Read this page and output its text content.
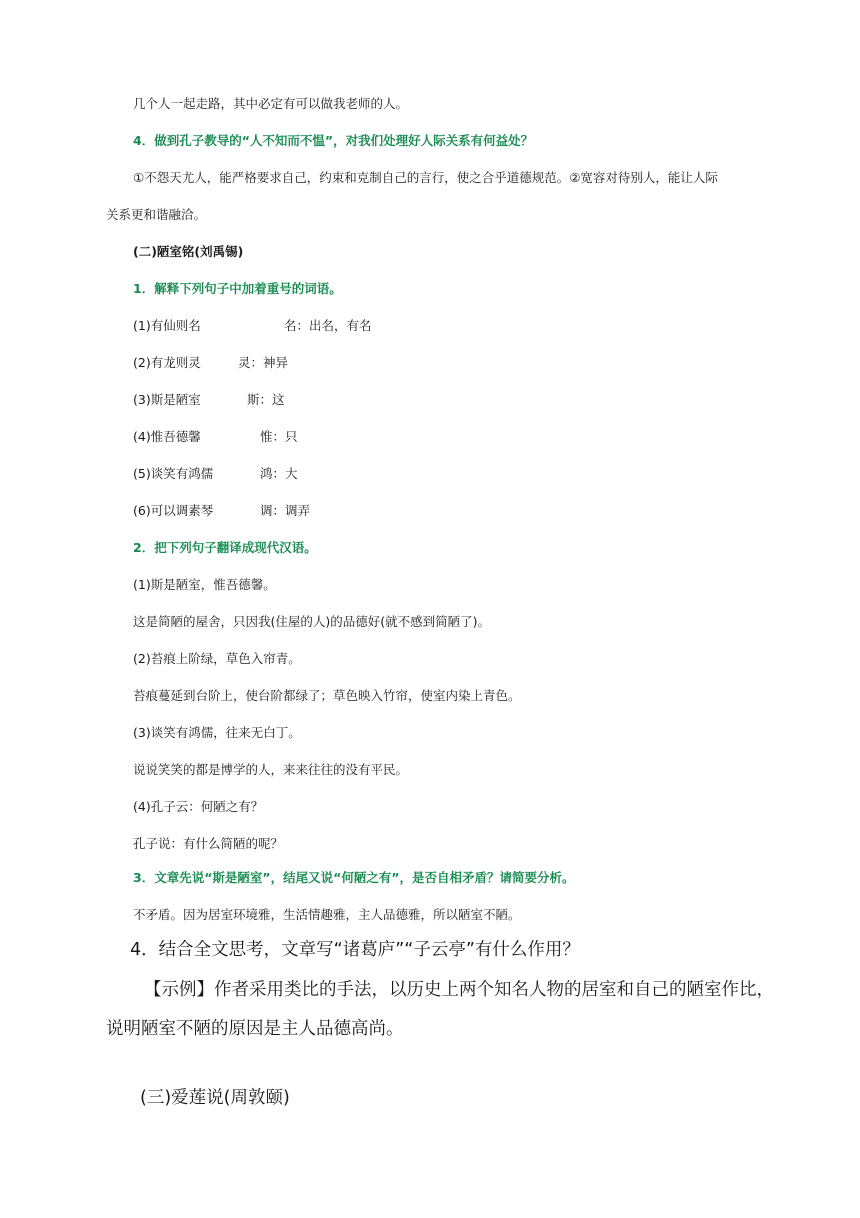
几个人一起走路，其中必定有可以做我老师的人。
4．做到孔子教导的“人不知而不愠”，对我们处理好人际关系有何益处？
①不怨天尤人，能严格要求自己，约束和克制自己的言行，使之合乎道德规范。②宽容对待别人，能让人际
关系更和谐融洽。
(二)陋室铭(刘禹锡)
1．解释下列句子中加着重号的词语。
(1)有仙则名	名：出名，有名
(2)有龙则灵	灵：神异
(3)斯是陋室	斯：这
(4)惟吾德馨	惟：只
(5)谈笑有鸿儒	鸿：大
(6)可以调素琴	调：调弄
2．把下列句子翻译成现代汉语。
(1)斯是陋室，惟吾德馨。
这是简陋的屋舍，只因我(住屋的人)的品德好(就不感到简陋了)。
(2)苔痕上阶绿，草色入帘青。
苔痕蔓延到台阶上，使台阶都绿了；草色映入竹帘，使室内染上青色。
(3)谈笑有鸿儒，往来无白丁。
说说笑笑的都是博学的人，来来往往的没有平民。
(4)孔子云：何陋之有？
孔子说：有什么简陋的呢？
3．文章先说“斯是陋室”，结尾又说“何陋之有”，是否自相矛盾？请简要分析。
不矛盾。因为居室环境雅，生活情趣雅，主人品德雅，所以陋室不陋。
4．结合全文思考，文章写“诸葛庐”“子云亭”有什么作用？
【示例】作者采用类比的手法，以历史上两个知名人物的居室和自己的陋室作比，
说明陋室不陋的原因是主人品德高尚。
(三)爱莲说(周敦颐)
